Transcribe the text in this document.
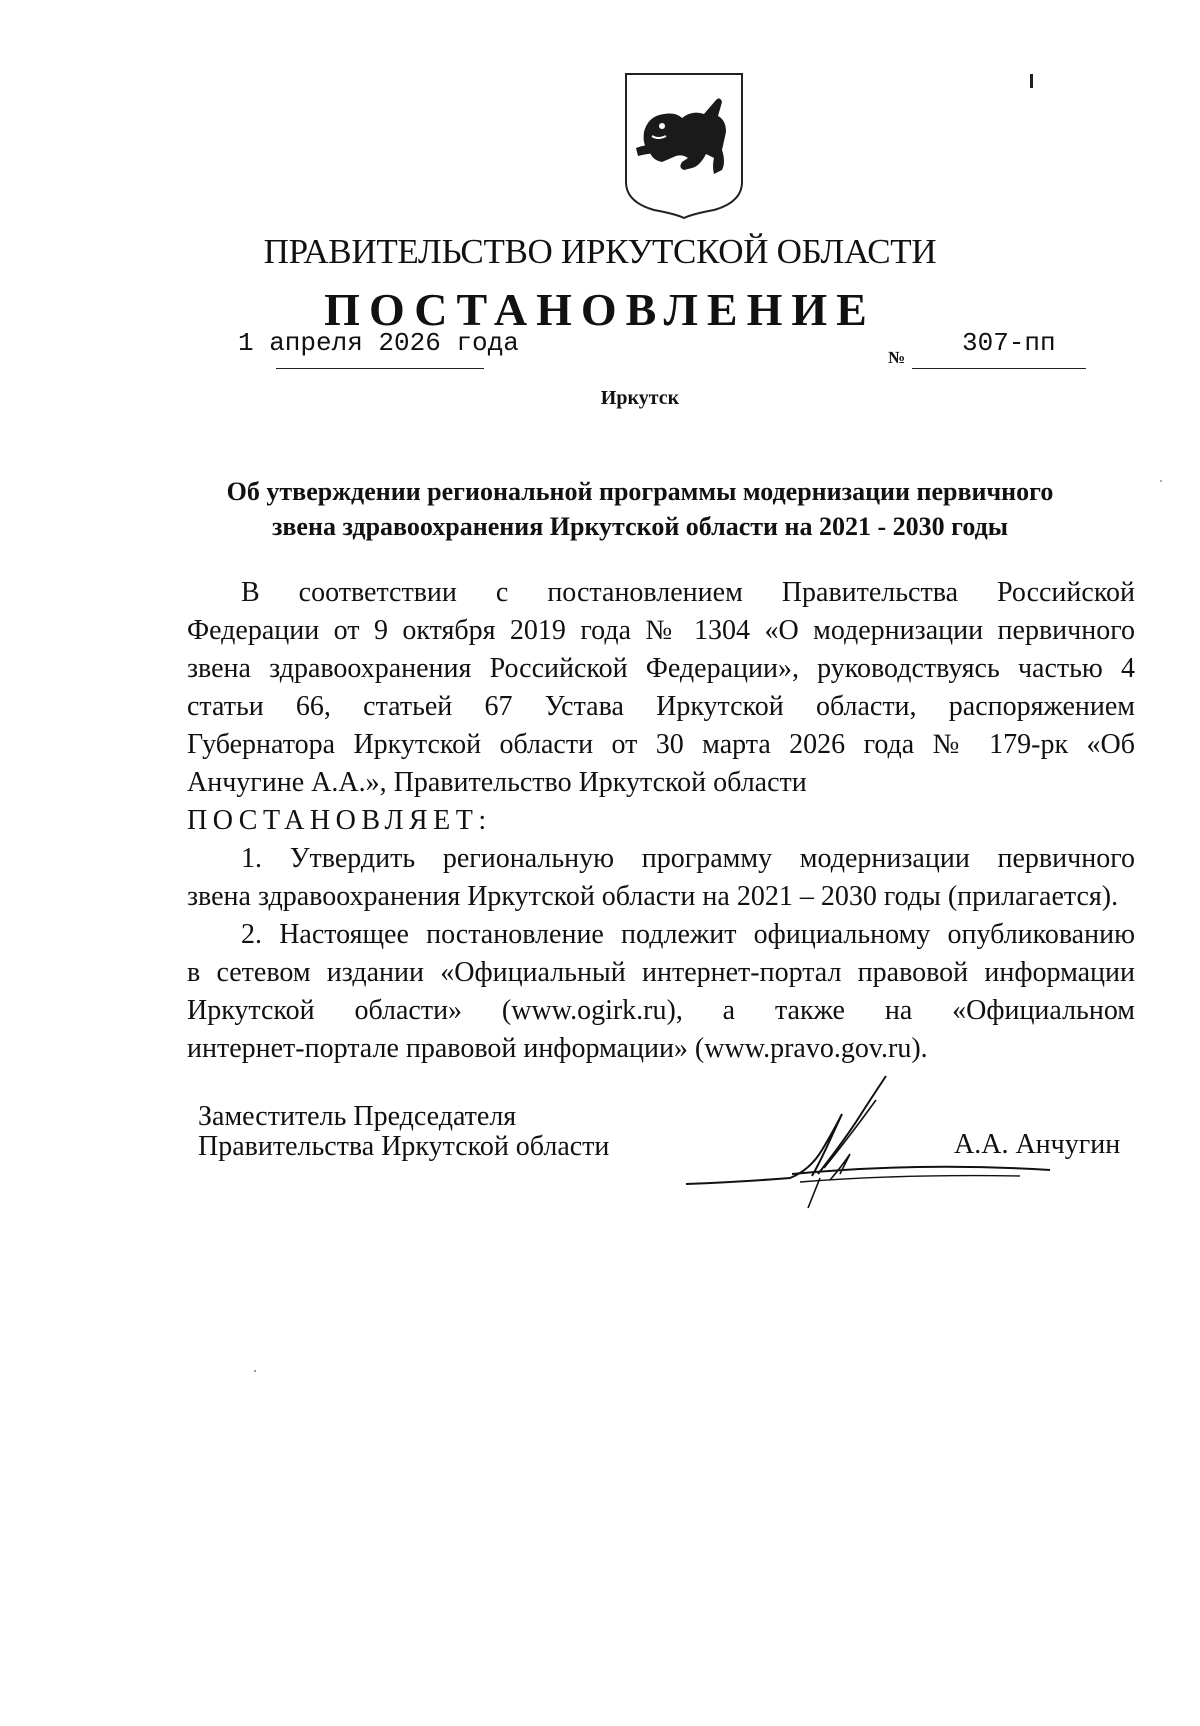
ПРАВИТЕЛЬСТВО ИРКУТСКОЙ ОБЛАСТИ
ПОСТАНОВЛЕНИЕ
1 апреля 2026 года	№ 307-пп
Иркутск
Об утверждении региональной программы модернизации первичного
звена здравоохранения Иркутской области на 2021 - 2030 годы

В соответствии с постановлением Правительства Российской

Федерации от 9 октября 2019 года № 1304 «О модернизации первичного

звена здравоохранения Российской Федерации», руководствуясь частью 4

статьи 66, статьей 67 Устава Иркутской области, распоряжением

Губернатора Иркутской области от 30 марта 2026 года № 179-рк «Об

Анчугине А.А.», Правительство Иркутской области

ПОСТАНОВЛЯЕТ:

1. Утвердить региональную программу модернизации первичного

звена здравоохранения Иркутской области на 2021 – 2030 годы (прилагается).

2. Настоящее постановление подлежит официальному опубликованию

в сетевом издании «Официальный интернет-портал правовой информации

Иркутской области» (www.ogirk.ru), а также на «Официальном

интернет-портале правовой информации» (www.pravo.gov.ru).

Заместитель Председателя
Правительства Иркутской области	А.А. Анчугин
